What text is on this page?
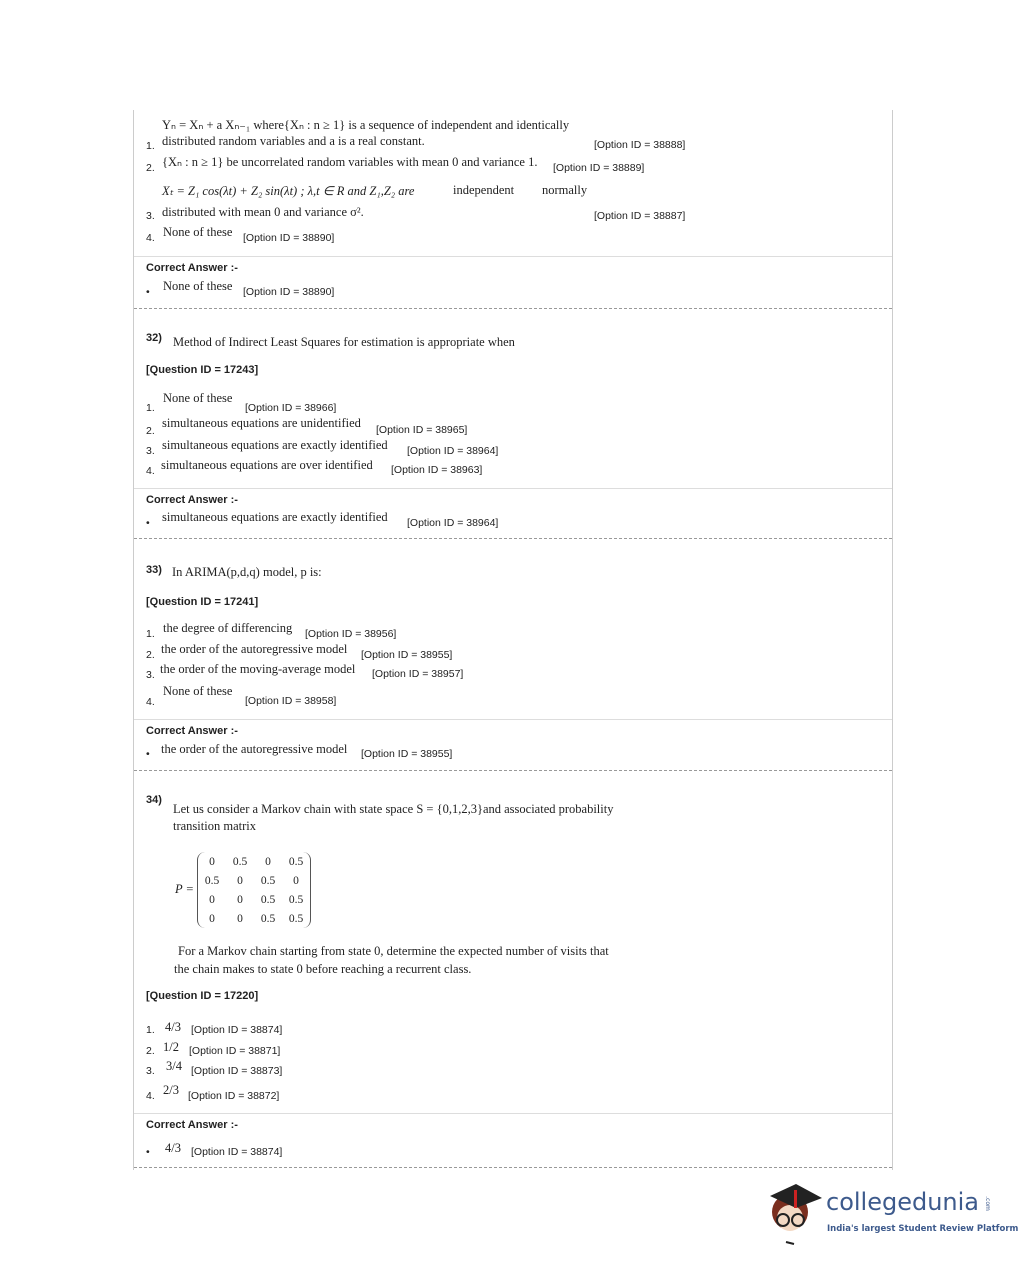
Yₙ = Xₙ + a Xₙ₋₁ where{Xₙ : n ≥ 1} is a sequence of independent and identically
1. distributed random variables and a is a real constant.	[Option ID = 38888]
2. {Xₙ : n ≥ 1} be uncorrelated random variables with mean 0 and variance 1. [Option ID = 38889]
Xₜ = Z₁ cos(λt) + Z₂ sin(λt) ; λ,t ∈ R and Z₁,Z₂ are	independent normally
3. distributed with mean 0 and variance σ².	[Option ID = 38887]
4. None of these [Option ID = 38890]
Correct Answer :-
• None of these [Option ID = 38890]
32) Method of Indirect Least Squares for estimation is appropriate when
[Question ID = 17243]
1.
None of these
[Option ID = 38966]
2.
simultaneous equations are unidentified [Option ID = 38965]
3. simultaneous equations are exactly identified [Option ID = 38964]
4. simultaneous equations are over identified [Option ID = 38963]
Correct Answer :-
• simultaneous equations are exactly identified [Option ID = 38964]
33) In ARIMA(p,d,q) model, p is:
[Question ID = 17241]
1. the degree of differencing [Option ID = 38956]
2. the order of the autoregressive model [Option ID = 38955]
3. the order of the moving-average model [Option ID = 38957]
4.
None of these
[Option ID = 38958]
Correct Answer :-
• the order of the autoregressive model [Option ID = 38955]
34)
Let us consider a Markov chain with state space S = {0,1,2,3}and associated probability
transition matrix
P =
0	0.5	0	0.5
0.5	0	0.5	0
0	0	0.5	0.5
0	0	0.5	0.5
For a Markov chain starting from state 0, determine the expected number of visits that
the chain makes to state 0 before reaching a recurrent class.
[Question ID = 17220]
1. 4/3 [Option ID = 38874]
2. 1/2 [Option ID = 38871]
3. 3/4 [Option ID = 38873]
4. 2/3 [Option ID = 38872]
Correct Answer :-
• 4/3 [Option ID = 38874]
collegedunia .com
India's largest Student Review Platform
